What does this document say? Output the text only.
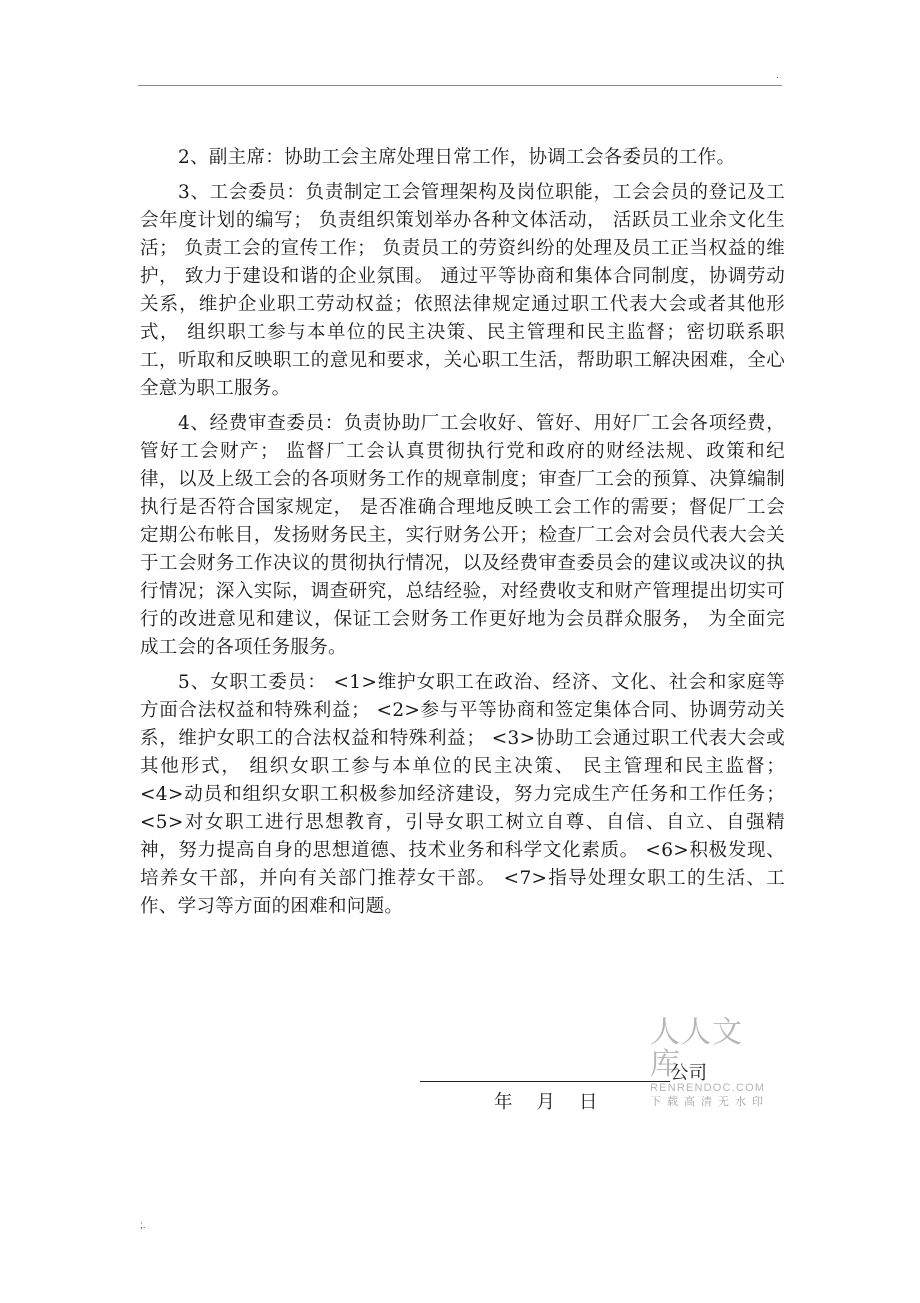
.

2、副主席：协助工会主席处理日常工作，协调工会各委员的工作。

3、工会委员：负责制定工会管理架构及岗位职能，工会会员的登记及工会年度计划的编写； 负责组织策划举办各种文体活动， 活跃员工业余文化生活； 负责工会的宣传工作； 负责员工的劳资纠纷的处理及员工正当权益的维护， 致力于建设和谐的企业氛围。 通过平等协商和集体合同制度，协调劳动关系，维护企业职工劳动权益；依照法律规定通过职工代表大会或者其他形式， 组织职工参与本单位的民主决策、民主管理和民主监督；密切联系职工，听取和反映职工的意见和要求，关心职工生活，帮助职工解决困难，全心全意为职工服务。

4、经费审查委员：负责协助厂工会收好、管好、用好厂工会各项经费，管好工会财产； 监督厂工会认真贯彻执行党和政府的财经法规、政策和纪律，以及上级工会的各项财务工作的规章制度；审查厂工会的预算、决算编制执行是否符合国家规定， 是否准确合理地反映工会工作的需要；督促厂工会定期公布帐目，发扬财务民主，实行财务公开；检查厂工会对会员代表大会关于工会财务工作决议的贯彻执行情况，以及经费审查委员会的建议或决议的执行情况；深入实际，调查研究，总结经验，对经费收支和财产管理提出切实可行的改进意见和建议，保证工会财务工作更好地为会员群众服务， 为全面完成工会的各项任务服务。

5、女职工委员： <1>维护女职工在政治、经济、文化、社会和家庭等方面合法权益和特殊利益； <2>参与平等协商和签定集体合同、协调劳动关系，维护女职工的合法权益和特殊利益； <3>协助工会通过职工代表大会或其他形式， 组织女职工参与本单位的民主决策、 民主管理和民主监督； <4>动员和组织女职工积极参加经济建设，努力完成生产任务和工作任务； <5>对女职工进行思想教育，引导女职工树立自尊、自信、自立、自强精神，努力提高自身的思想道德、技术业务和科学文化素质。 <6>积极发现、培养女干部，并向有关部门推荐女干部。 <7>指导处理女职工的生活、工作、学习等方面的困难和问题。

人人文库
RENRENDOC.COM
下载高清无水印
公司
年 月 日
;.
